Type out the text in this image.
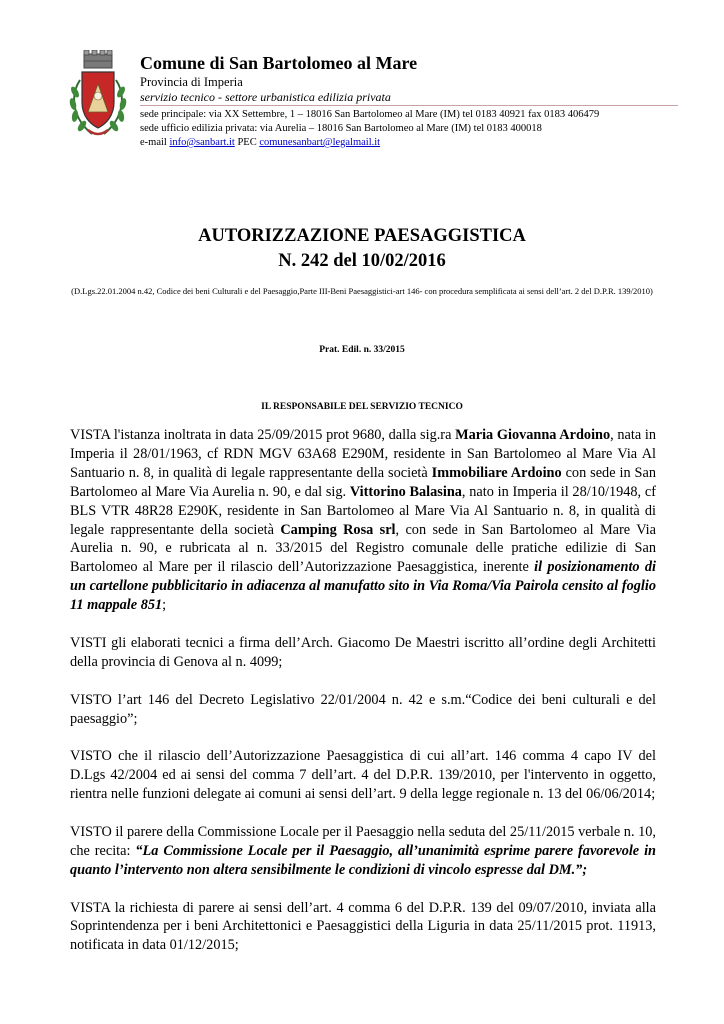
Comune di San Bartolomeo al Mare
Provincia di Imperia
servizio tecnico - settore urbanistica edilizia privata
sede principale: via XX Settembre, 1 – 18016 San Bartolomeo al Mare (IM) tel 0183 40921 fax 0183 406479
sede ufficio edilizia privata: via Aurelia – 18016 San Bartolomeo al Mare (IM) tel 0183 400018
e-mail info@sanbart.it PEC comunesanbart@legalmail.it
AUTORIZZAZIONE PAESAGGISTICA
N. 242 del 10/02/2016
(D.Lgs.22.01.2004 n.42, Codice dei beni Culturali e del Paesaggio,Parte III-Beni Paesaggistici-art 146- con procedura semplificata ai sensi dell’art. 2 del D.P.R. 139/2010)
Prat. Edil. n. 33/2015
IL RESPONSABILE DEL SERVIZIO TECNICO

VISTA l'istanza inoltrata in data 25/09/2015 prot 9680, dalla sig.ra Maria Giovanna Ardoino, nata in Imperia il 28/01/1963, cf RDN MGV 63A68 E290M, residente in San Bartolomeo al Mare Via Al Santuario n. 8, in qualità di legale rappresentante della società Immobiliare Ardoino con sede in San Bartolomeo al Mare Via Aurelia n. 90, e dal sig. Vittorino Balasina, nato in Imperia il 28/10/1948, cf BLS VTR 48R28 E290K, residente in San Bartolomeo al Mare Via Al Santuario n. 8, in qualità di legale rappresentante della società Camping Rosa srl, con sede in San Bartolomeo al Mare Via Aurelia n. 90, e rubricata al n. 33/2015 del Registro comunale delle pratiche edilizie di San Bartolomeo al Mare per il rilascio dell’Autorizzazione Paesaggistica, inerente il posizionamento di un cartellone pubblicitario in adiacenza al manufatto sito in Via Roma/Via Pairola censito al foglio 11 mappale 851;

VISTI gli elaborati tecnici a firma dell’Arch. Giacomo De Maestri iscritto all’ordine degli Architetti della provincia di Genova al n. 4099;

VISTO l’art 146 del Decreto Legislativo 22/01/2004 n. 42 e s.m.“Codice dei beni culturali e del paesaggio”;

VISTO che il rilascio dell’Autorizzazione Paesaggistica di cui all’art. 146 comma 4 capo IV del D.Lgs 42/2004 ed ai sensi del comma 7 dell’art. 4 del D.P.R. 139/2010, per l'intervento in oggetto, rientra nelle funzioni delegate ai comuni ai sensi dell’art. 9 della legge regionale n. 13 del 06/06/2014;

VISTO il parere della Commissione Locale per il Paesaggio nella seduta del 25/11/2015 verbale n. 10, che recita: “La Commissione Locale per il Paesaggio, all’unanimità esprime parere favorevole in quanto l’intervento non altera sensibilmente le condizioni di vincolo espresse dal DM.”;

VISTA la richiesta di parere ai sensi dell’art. 4 comma 6 del D.P.R. 139 del 09/07/2010, inviata alla Soprintendenza per i beni Architettonici e Paesaggistici della Liguria in data 25/11/2015 prot. 11913, notificata in data 01/12/2015;
